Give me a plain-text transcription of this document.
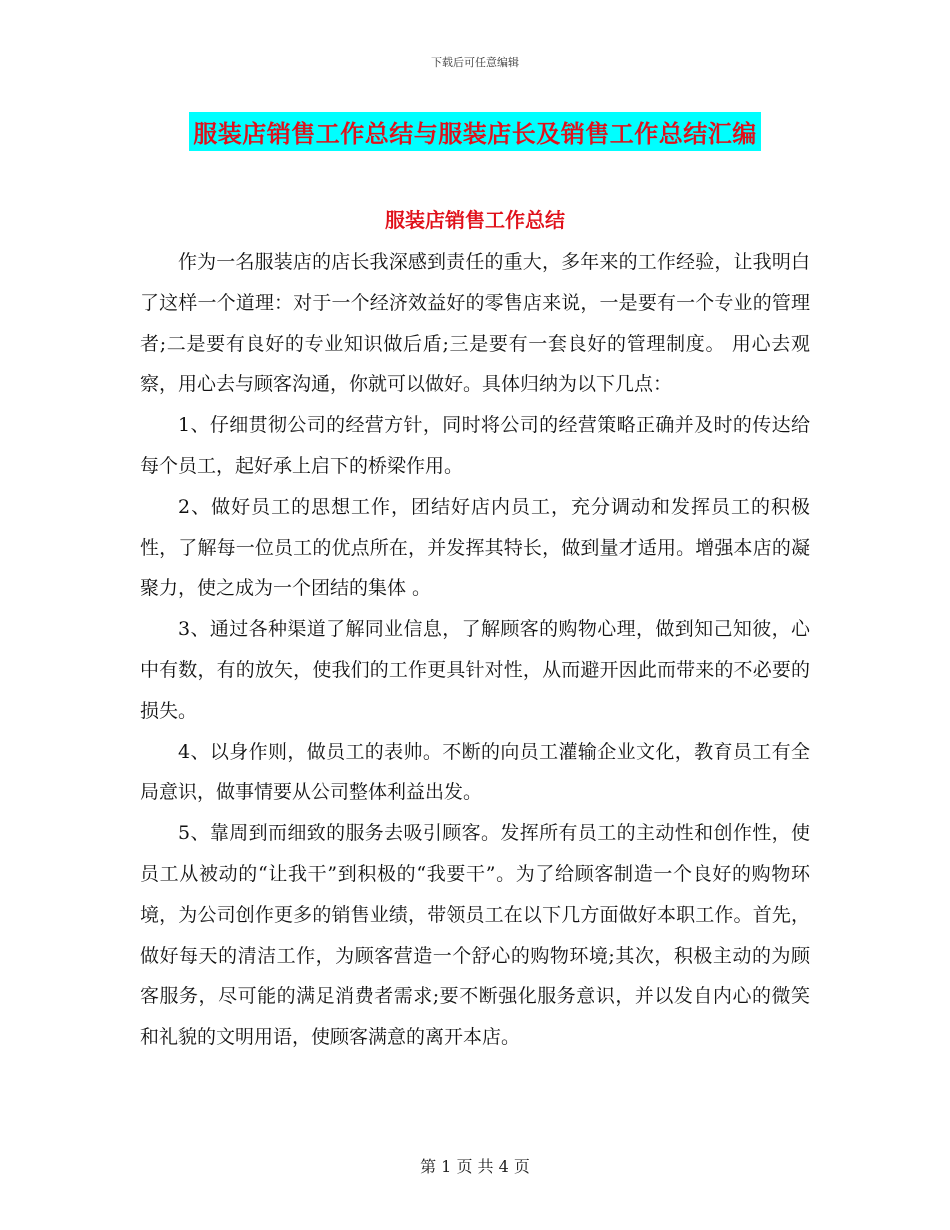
下载后可任意编辑
服装店销售工作总结与服装店长及销售工作总结汇编
服装店销售工作总结

作为一名服装店的店长我深感到责任的重大，多年来的工作经验，让我明白了这样一个道理：对于一个经济效益好的零售店来说，一是要有一个专业的管理者;二是要有良好的专业知识做后盾;三是要有一套良好的管理制度。 用心去观察，用心去与顾客沟通，你就可以做好。具体归纳为以下几点：

1、仔细贯彻公司的经营方针，同时将公司的经营策略正确并及时的传达给每个员工，起好承上启下的桥梁作用。

2、做好员工的思想工作，团结好店内员工，充分调动和发挥员工的积极性，了解每一位员工的优点所在，并发挥其特长，做到量才适用。增强本店的凝聚力，使之成为一个团结的集体 。

3、通过各种渠道了解同业信息，了解顾客的购物心理，做到知己知彼，心中有数，有的放矢，使我们的工作更具针对性，从而避开因此而带来的不必要的损失。

4、以身作则，做员工的表帅。不断的向员工灌输企业文化，教育员工有全局意识，做事情要从公司整体利益出发。

5、靠周到而细致的服务去吸引顾客。发挥所有员工的主动性和创作性，使员工从被动的“让我干”到积极的“我要干”。为了给顾客制造一个良好的购物环境，为公司创作更多的销售业绩，带领员工在以下几方面做好本职工作。首先，做好每天的清洁工作，为顾客营造一个舒心的购物环境;其次，积极主动的为顾客服务，尽可能的满足消费者需求;要不断强化服务意识，并以发自内心的微笑和礼貌的文明用语，使顾客满意的离开本店。

第 1 页 共 4 页
